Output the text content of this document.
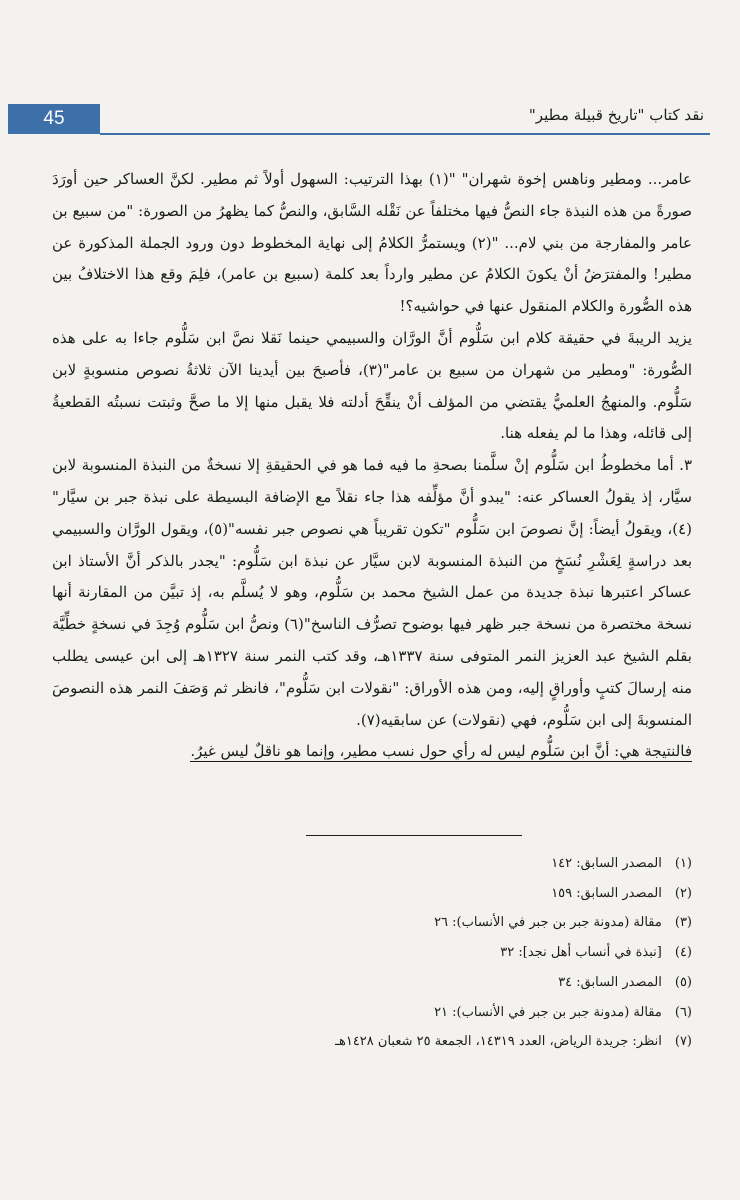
45	نقد كتاب "تاريخ قبيلة مطير"

عامر... ومطير وناهس إخوة شهران" "(١) بهذا الترتيب: السهول أولاً ثم مطير. لكنَّ العساكر حين أورَدَ صورةً من هذه النبذة جاء النصُّ فيها مختلفاً عن نَقْله السَّابق، والنصُّ كما يظهرُ من الصورة: "من سبيع بن عامر والمفارجة من بني لام... "(٢) ويستمرُّ الكلامُ إلى نهاية المخطوط دون ورود الجملة المذكورة عن مطير! والمفترَضُ أنْ يكونَ الكلامُ عن مطير وارداً بعد كلمة (سبيع بن عامر)، فلِمَ وقع هذا الاختلافُ بين هذه الصُّورة والكلام المنقول عنها في حواشيه؟!

يزيد الريبةَ في حقيقة كلام ابن سَلُّوم أنَّ الورَّان والسبيمي حينما نَقلا نصَّ ابن سَلُّوم جاءا به على هذه الصُّورة: "ومطير من شهران من سبيع بن عامر"(٣)، فأصبحَ بين أيدينا الآن ثلاثةُ نصوص منسوبةٍ لابن سَلُّوم. والمنهجُ العلميُّ يقتضي من المؤلف أنْ ينقِّحَ أدلته فلا يقبل منها إلا ما صحَّ وثبتت نسبتُه القطعيةُ إلى قائله، وهذا ما لم يفعله هنا.

٣. أما مخطوطُ ابن سَلُّوم إنْ سلَّمنا بصحةِ ما فيه فما هو في الحقيقةِ إلا نسخةٌ من النبذة المنسوبة لابن سيَّار، إذ يقولُ العساكر عنه: "يبدو أنَّ مؤلِّفه هذا جاء نقلاً مع الإضافة البسيطة على نبذة جبر بن سيَّار"(٤)، ويقولُ أيضاً: إنَّ نصوصَ ابن سَلُّوم "تكون تقريباً هي نصوص جبر نفسه"(٥)، ويقول الورَّان والسبيمي بعد دراسةٍ لِعَشْرِ نُسَخٍ من النبذة المنسوبة لابن سيَّار عن نبذة ابن سَلُّوم: "يجدر بالذكر أنَّ الأستاذ ابن عساكر اعتبرها نبذة جديدة من عمل الشيخ محمد بن سَلُّوم، وهو لا يُسلَّم به، إذ تبيَّن من المقارنة أنها نسخة مختصرة من نسخة جبر ظهر فيها بوضوح تصرُّف الناسخ"(٦) ونصُّ ابن سَلُّوم وُجِدَ في نسخةٍ خطِّيَّة بقلم الشيخ عبد العزيز النمر المتوفى سنة ١٣٣٧هـ، وقد كتب النمر سنة ١٣٢٧هـ إلى ابن عيسى يطلب منه إرسالَ كتبٍ وأوراقٍ إليه، ومن هذه الأوراق: "نقولات ابن سَلُّوم"، فانظر ثم وَصَفَ النمر هذه النصوصَ المنسوبةَ إلى ابن سَلُّوم، فهي (نقولات) عن سابقيه(٧).

فالنتيجة هي: أنَّ ابن سَلُّوم ليس له رأي حول نسب مطير، وإنما هو ناقلٌ ليس غيرُ.

(١) المصدر السابق: ١٤٢
(٢) المصدر السابق: ١٥٩
(٣) مقالة (مدونة جبر بن جبر في الأنساب): ٢٦
(٤) [نبذة في أنساب أهل نجد]: ٣٢
(٥) المصدر السابق: ٣٤
(٦) مقالة (مدونة جبر بن جبر في الأنساب): ٢١
(٧) انظر: جريدة الرياض، العدد ١٤٣١٩، الجمعة ٢٥ شعبان ١٤٢٨هـ
